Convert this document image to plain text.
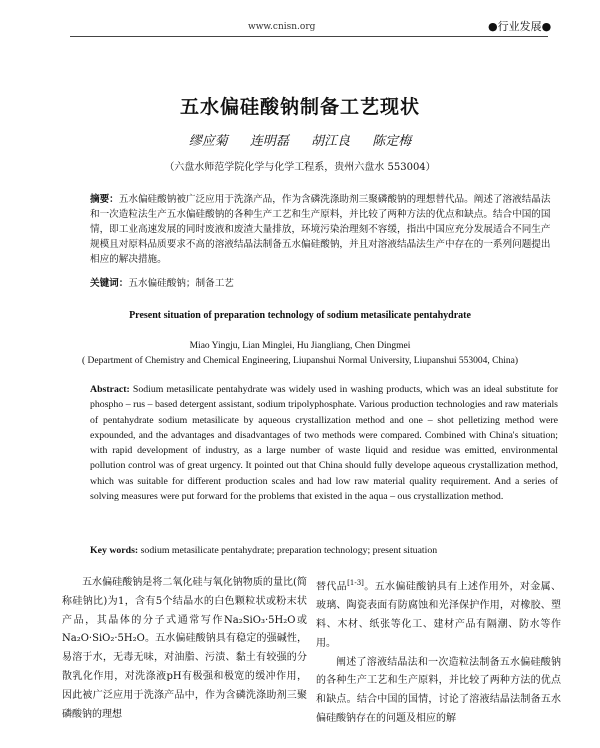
www.cnisn.org	●行业发展●
五水偏硅酸钠制备工艺现状
缪应菊 连明磊 胡江良 陈定梅
（六盘水师范学院化学与化学工程系，贵州六盘水 553004）
摘要：五水偏硅酸钠被广泛应用于洗涤产品，作为含磷洗涤助剂三聚磷酸钠的理想替代品。阐述了溶液结晶法和一次造粒法生产五水偏硅酸钠的各种生产工艺和生产原料，并比较了两种方法的优点和缺点。结合中国的国情，即工业高速发展的同时废液和废渣大量排放，环境污染治理刻不容缓，指出中国应充分发展适合不同生产规模且对原料品质要求不高的溶液结晶法制备五水偏硅酸钠，并且对溶液结晶法生产中存在的一系列问题提出相应的解决措施。
关键词：五水偏硅酸钠；制备工艺
Present situation of preparation technology of sodium metasilicate pentahydrate
Miao Yingju, Lian Minglei, Hu Jiangliang, Chen Dingmei
( Department of Chemistry and Chemical Engineering, Liupanshui Normal University, Liupanshui 553004, China)
Abstract: Sodium metasilicate pentahydrate was widely used in washing products, which was an ideal substitute for phospho – rus – based detergent assistant, sodium tripolyphosphate. Various production technologies and raw materials of pentahydrate sodium metasilicate by aqueous crystallization method and one – shot pelletizing method were expounded, and the advantages and disadvantages of two methods were compared. Combined with China's situation; with rapid development of industry, as a large number of waste liquid and residue was emitted, environmental pollution control was of great urgency. It pointed out that China should fully develope aqueous crystallization method, which was suitable for different production scales and had low raw material quality requirement. And a series of solving measures were put forward for the problems that existed in the aqua – ous crystallization method.
Key words: sodium metasilicate pentahydrate; preparation technology; present situation
五水偏硅酸钠是将二氧化硅与氧化钠物质的量比(简称硅钠比)为1，含有5个结晶水的白色颗粒状或粉末状产品，其晶体的分子式通常写作Na₂SiO₃·5H₂O或Na₂O·SiO₂·5H₂O。五水偏硅酸钠具有稳定的强碱性，易溶于水，无毒无味，对油脂、污渍、黏土有较强的分散乳化作用，对洗涤液pH有极强和极宽的缓冲作用，因此被广泛应用于洗涤产品中，作为含磷洗涤助剂三聚磷酸钠的理想

替代品[1-3]。五水偏硅酸钠具有上述作用外，对金属、玻璃、陶瓷表面有防腐蚀和光泽保护作用，对橡胶、塑料、木材、纸张等化工、建材产品有隔潮、防水等作用。

阐述了溶液结晶法和一次造粒法制备五水偏硅酸钠的各种生产工艺和生产原料，并比较了两种方法的优点和缺点。结合中国的国情，讨论了溶液结晶法制备五水偏硅酸钠存在的问题及相应的解
